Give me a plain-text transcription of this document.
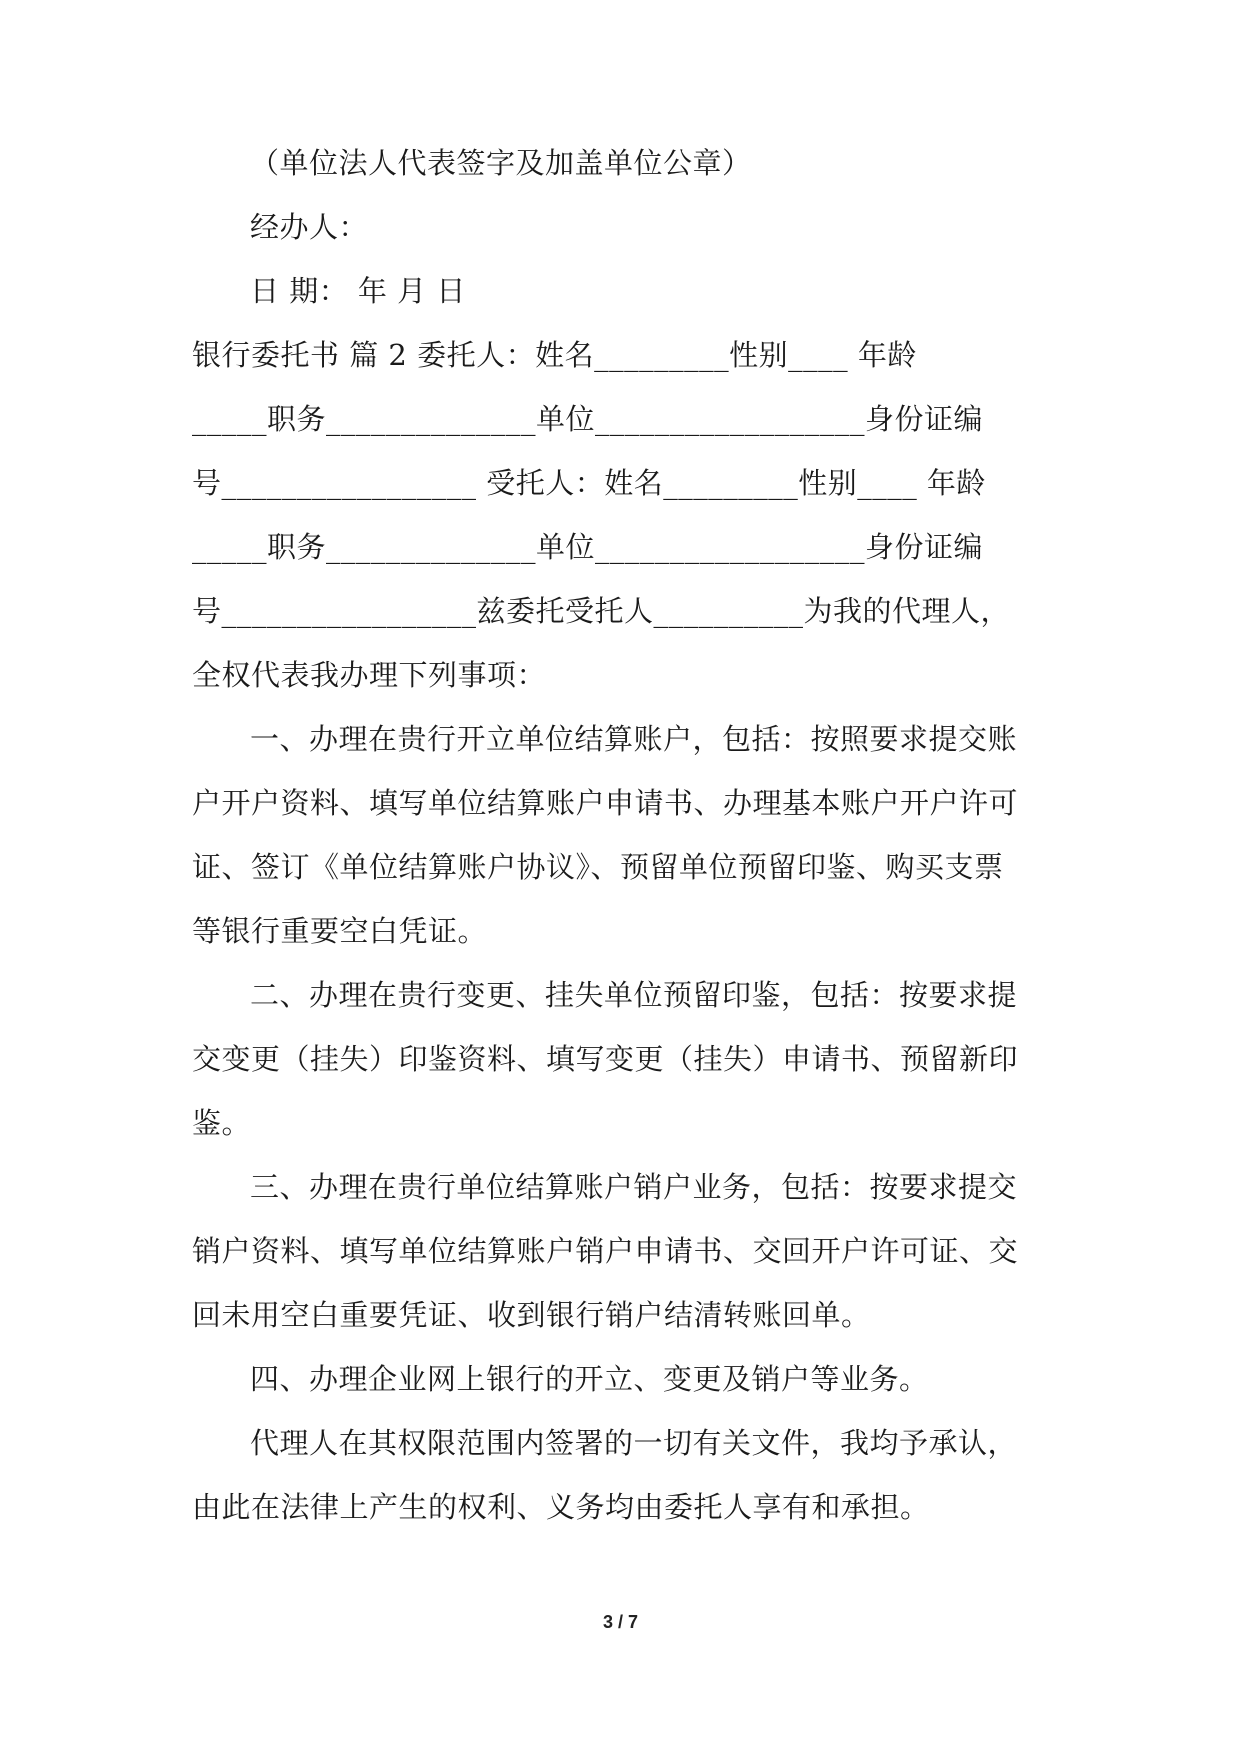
（单位法人代表签字及加盖单位公章）
经办人：
日 期： 年 月 日
银行委托书 篇 2 委托人：姓名_________性别____ 年龄
_____职务______________单位__________________身份证编
号_________________ 受托人：姓名_________性别____ 年龄
_____职务______________单位__________________身份证编
号_________________兹委托受托人__________为我的代理人，
全权代表我办理下列事项：
一、办理在贵行开立单位结算账户，包括：按照要求提交账
户开户资料、填写单位结算账户申请书、办理基本账户开户许可
证、签订《单位结算账户协议》、预留单位预留印鉴、购买支票
等银行重要空白凭证。
二、办理在贵行变更、挂失单位预留印鉴，包括：按要求提
交变更（挂失）印鉴资料、填写变更（挂失）申请书、预留新印
鉴。
三、办理在贵行单位结算账户销户业务，包括：按要求提交
销户资料、填写单位结算账户销户申请书、交回开户许可证、交
回未用空白重要凭证、收到银行销户结清转账回单。
四、办理企业网上银行的开立、变更及销户等业务。
代理人在其权限范围内签署的一切有关文件，我均予承认，
由此在法律上产生的权利、义务均由委托人享有和承担。
3 / 7
